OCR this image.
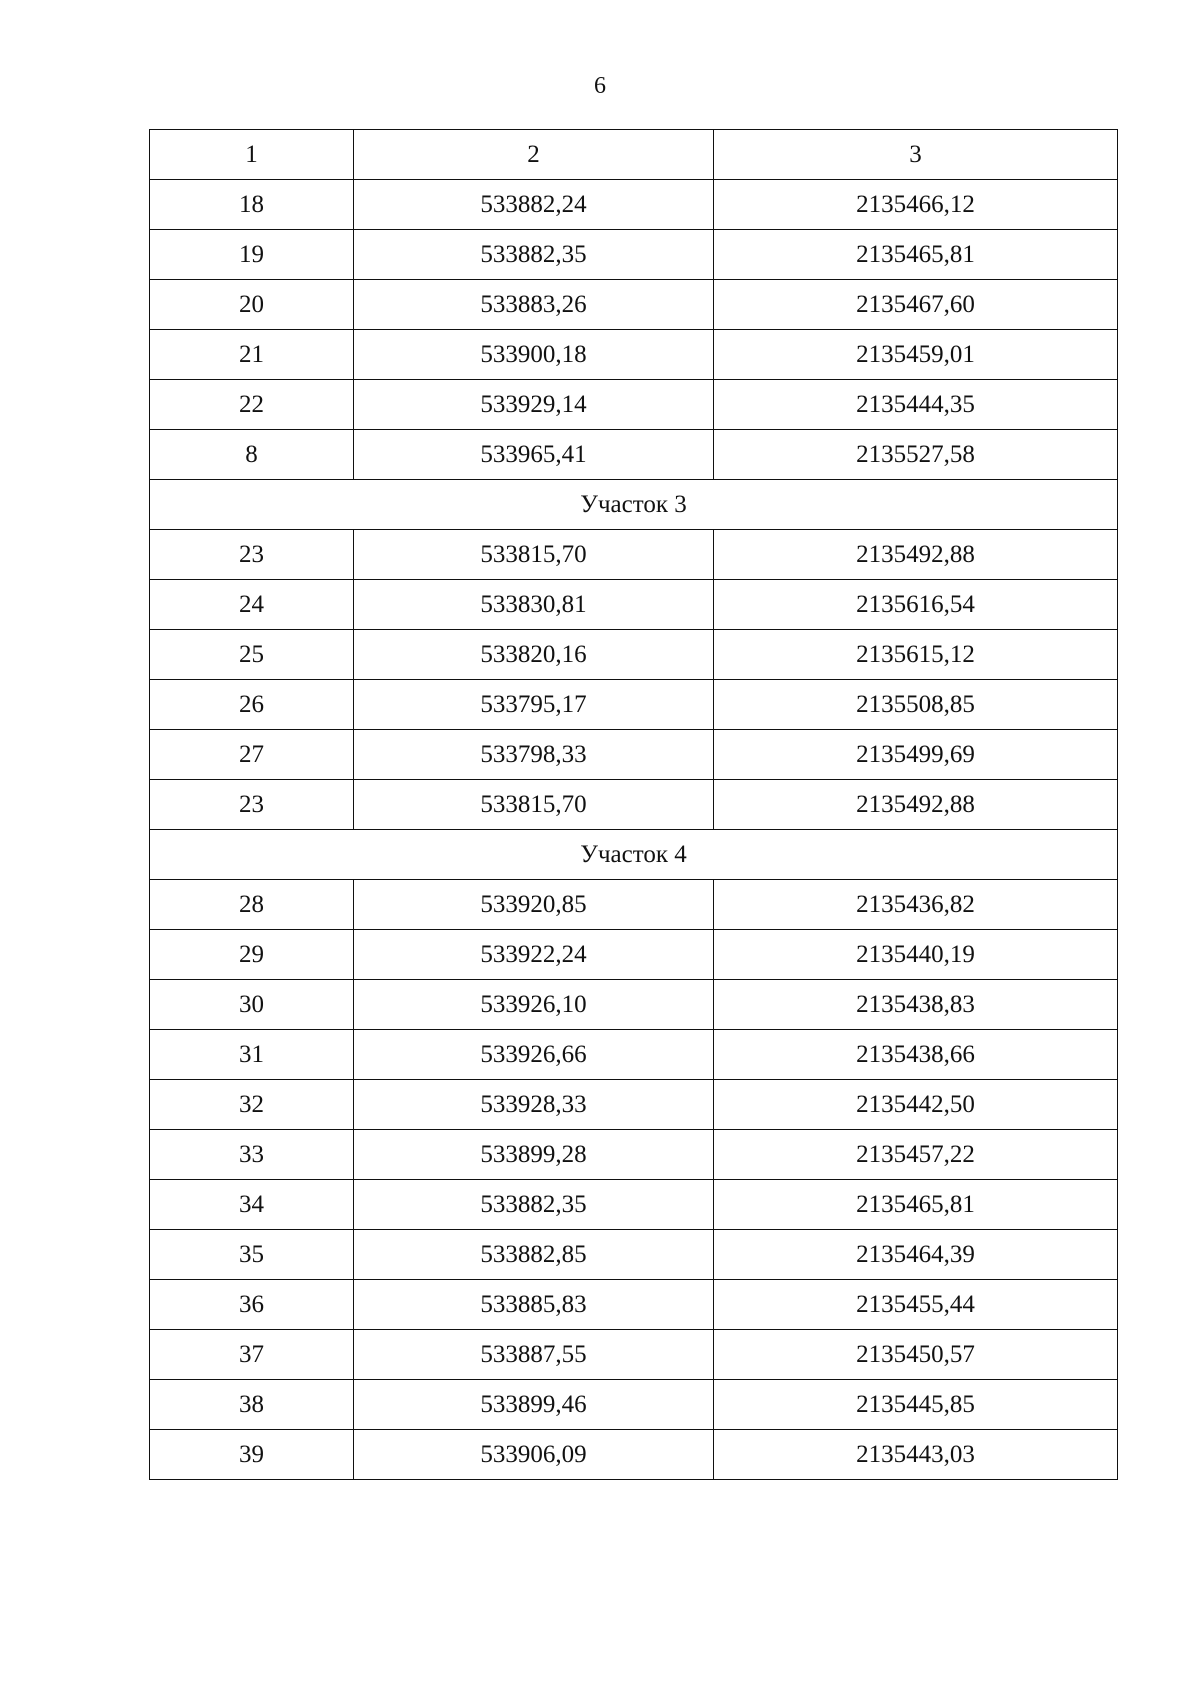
6
1	2	3
18	533882,24	2135466,12
19	533882,35	2135465,81
20	533883,26	2135467,60
21	533900,18	2135459,01
22	533929,14	2135444,35
8	533965,41	2135527,58
Участок 3		
23	533815,70	2135492,88
24	533830,81	2135616,54
25	533820,16	2135615,12
26	533795,17	2135508,85
27	533798,33	2135499,69
23	533815,70	2135492,88
Участок 4		
28	533920,85	2135436,82
29	533922,24	2135440,19
30	533926,10	2135438,83
31	533926,66	2135438,66
32	533928,33	2135442,50
33	533899,28	2135457,22
34	533882,35	2135465,81
35	533882,85	2135464,39
36	533885,83	2135455,44
37	533887,55	2135450,57
38	533899,46	2135445,85
39	533906,09	2135443,03
